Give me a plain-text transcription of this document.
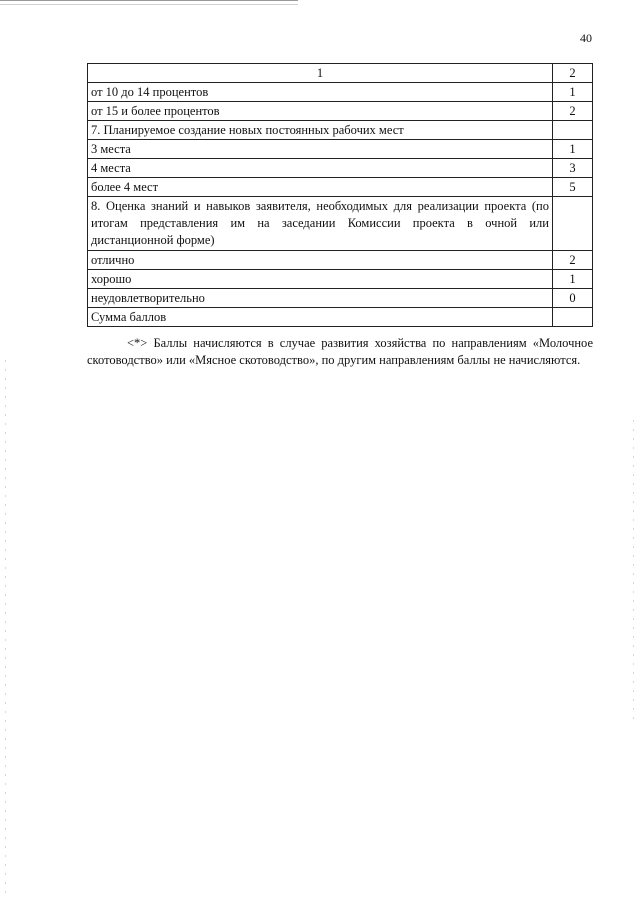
40
1	2
от 10 до 14 процентов	1
от 15 и более процентов	2
7. Планируемое создание новых постоянных рабочих мест	
3 места	1
4 места	3
более 4 мест	5
8. Оценка знаний и навыков заявителя, необходимых для реализации проекта (по итогам представления им на заседании Комиссии проекта в очной или дистанционной форме)	
отлично	2
хорошо	1
неудовлетворительно	0
Сумма баллов	

<*> Баллы начисляются в случае развития хозяйства по направлениям «Молочное скотоводство» или «Мясное скотоводство», по другим направлениям баллы не начисляются.
